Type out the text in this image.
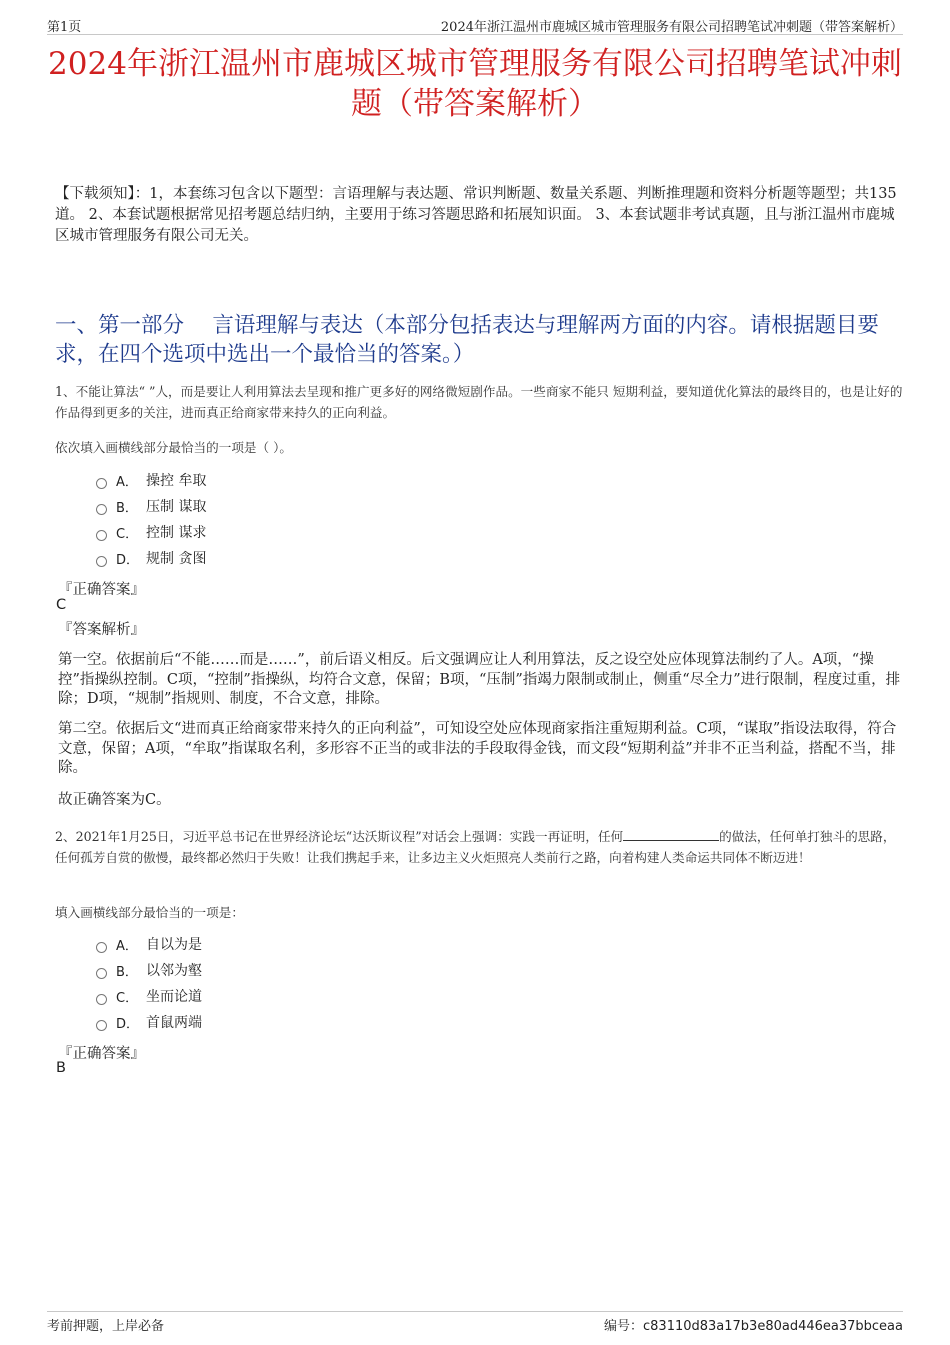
第1页	2024年浙江温州市鹿城区城市管理服务有限公司招聘笔试冲刺题（带答案解析）
2024年浙江温州市鹿城区城市管理服务有限公司招聘笔试冲刺题（带答案解析）
【下载须知】：1，本套练习包含以下题型：言语理解与表达题、常识判断题、数量关系题、判断推理题和资料分析题等题型；共135道。 2、本套试题根据常见招考题总结归纳，主要用于练习答题思路和拓展知识面。 3、本套试题非考试真题，且与浙江温州市鹿城区城市管理服务有限公司无关。
一、第一部分　 言语理解与表达（本部分包括表达与理解两方面的内容。请根据题目要求，在四个选项中选出一个最恰当的答案。）
1、不能让算法“ ”人，而是要让人利用算法去呈现和推广更多好的网络微短剧作品。一些商家不能只 短期利益，要知道优化算法的最终目的，也是让好的作品得到更多的关注，进而真正给商家带来持久的正向利益。
依次填入画横线部分最恰当的一项是（ ）。
A． 操控 牟取
B． 压制 谋取
C． 控制 谋求
D． 规制 贪图
『正确答案』
C
『答案解析』
第一空。依据前后“不能……而是……”，前后语义相反。后文强调应让人利用算法，反之设空处应体现算法制约了人。A项，“操控”指操纵控制。C项，“控制”指操纵，均符合文意，保留；B项，“压制”指竭力限制或制止，侧重“尽全力”进行限制，程度过重，排除；D项，“规制”指规则、制度，不合文意，排除。
第二空。依据后文“进而真正给商家带来持久的正向利益”，可知设空处应体现商家指注重短期利益。C项，“谋取”指设法取得，符合文意，保留；A项，“牟取”指谋取名利，多形容不正当的或非法的手段取得金钱，而文段“短期利益”并非不正当利益，搭配不当，排除。
故正确答案为C。
2、2021年1月25日，习近平总书记在世界经济论坛“达沃斯议程”对话会上强调：实践一再证明，任何	的做法，任何单打独斗的思路，任何孤芳自赏的傲慢，最终都必然归于失败！让我们携起手来，让多边主义火炬照亮人类前行之路，向着构建人类命运共同体不断迈进！
填入画横线部分最恰当的一项是：
A． 自以为是
B． 以邻为壑
C． 坐而论道
D． 首鼠两端
『正确答案』
B
考前押题，上岸必备	编号：c83110d83a17b3e80ad446ea37bbceaa
